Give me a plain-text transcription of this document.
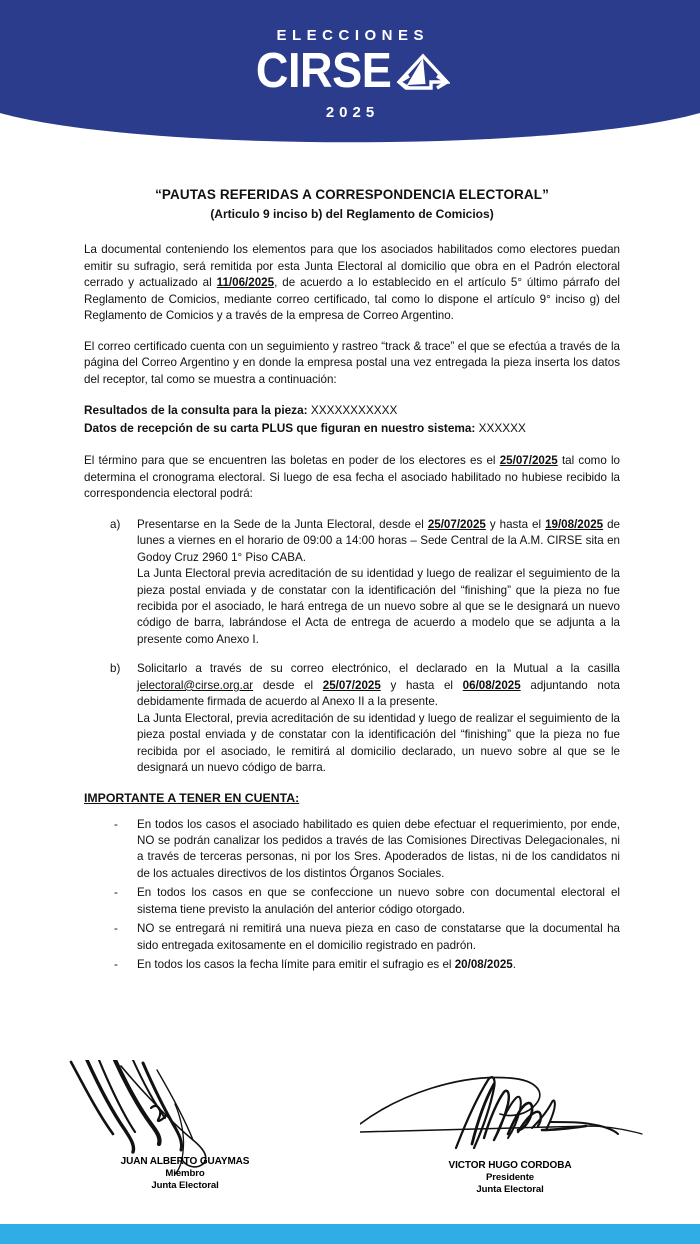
ELECCIONES
CIRSE
2025
“PAUTAS REFERIDAS A CORRESPONDENCIA ELECTORAL”
(Articulo 9 inciso b) del Reglamento de Comicios)

La documental conteniendo los elementos para que los asociados habilitados como electores puedan emitir su sufragio, será remitida por esta Junta Electoral al domicilio que obra en el Padrón electoral cerrado y actualizado al 11/06/2025, de acuerdo a lo establecido en el artículo 5° último párrafo del Reglamento de Comicios, mediante correo certificado, tal como lo dispone el artículo 9° inciso g) del Reglamento de Comicios y a través de la empresa de Correo Argentino.

El correo certificado cuenta con un seguimiento y rastreo “track & trace” el que se efectúa a través de la página del Correo Argentino y en donde la empresa postal una vez entregada la pieza inserta los datos del receptor, tal como se muestra a continuación:

Resultados de la consulta para la pieza: XXXXXXXXXXX
Datos de recepción de su carta PLUS que figuran en nuestro sistema: XXXXXX

El término para que se encuentren las boletas en poder de los electores es el 25/07/2025 tal como lo determina el cronograma electoral. Si luego de esa fecha el asociado habilitado no hubiese recibido la correspondencia electoral podrá:

a) Presentarse en la Sede de la Junta Electoral, desde el 25/07/2025 y hasta el 19/08/2025 de lunes a viernes en el horario de 09:00 a 14:00 horas – Sede Central de la A.M. CIRSE sita en Godoy Cruz 2960 1° Piso CABA.
La Junta Electoral previa acreditación de su identidad y luego de realizar el seguimiento de la pieza postal enviada y de constatar con la identificación del “finishing” que la pieza no fue recibida por el asociado, le hará entrega de un nuevo sobre al que se le designará un nuevo código de barra, labrándose el Acta de entrega de acuerdo a modelo que se adjunta a la presente como Anexo I.
b) Solicitarlo a través de su correo electrónico, el declarado en la Mutual a la casilla jelectoral@cirse.org.ar desde el 25/07/2025 y hasta el 06/08/2025 adjuntando nota debidamente firmada de acuerdo al Anexo II a la presente.
La Junta Electoral, previa acreditación de su identidad y luego de realizar el seguimiento de la pieza postal enviada y de constatar con la identificación del “finishing” que la pieza no fue recibida por el asociado, le remitirá al domicilio declarado, un nuevo sobre al que se le designará un nuevo código de barra.
IMPORTANTE A TENER EN CUENTA:
- En todos los casos el asociado habilitado es quien debe efectuar el requerimiento, por ende, NO se podrán canalizar los pedidos a través de las Comisiones Directivas Delegacionales, ni a través de terceras personas, ni por los Sres. Apoderados de listas, ni de los candidatos ni de los actuales directivos de los distintos Órganos Sociales.
- En todos los casos en que se confeccione un nuevo sobre con documental electoral el sistema tiene previsto la anulación del anterior código otorgado.
- NO se entregará ni remitirá una nueva pieza en caso de constatarse que la documental ha sido entregada exitosamente en el domicilio registrado en padrón.
- En todos los casos la fecha límite para emitir el sufragio es el 20/08/2025.
JUAN ALBERTO GUAYMAS
Miembro
Junta Electoral
VICTOR HUGO CORDOBA
Presidente
Junta Electoral
